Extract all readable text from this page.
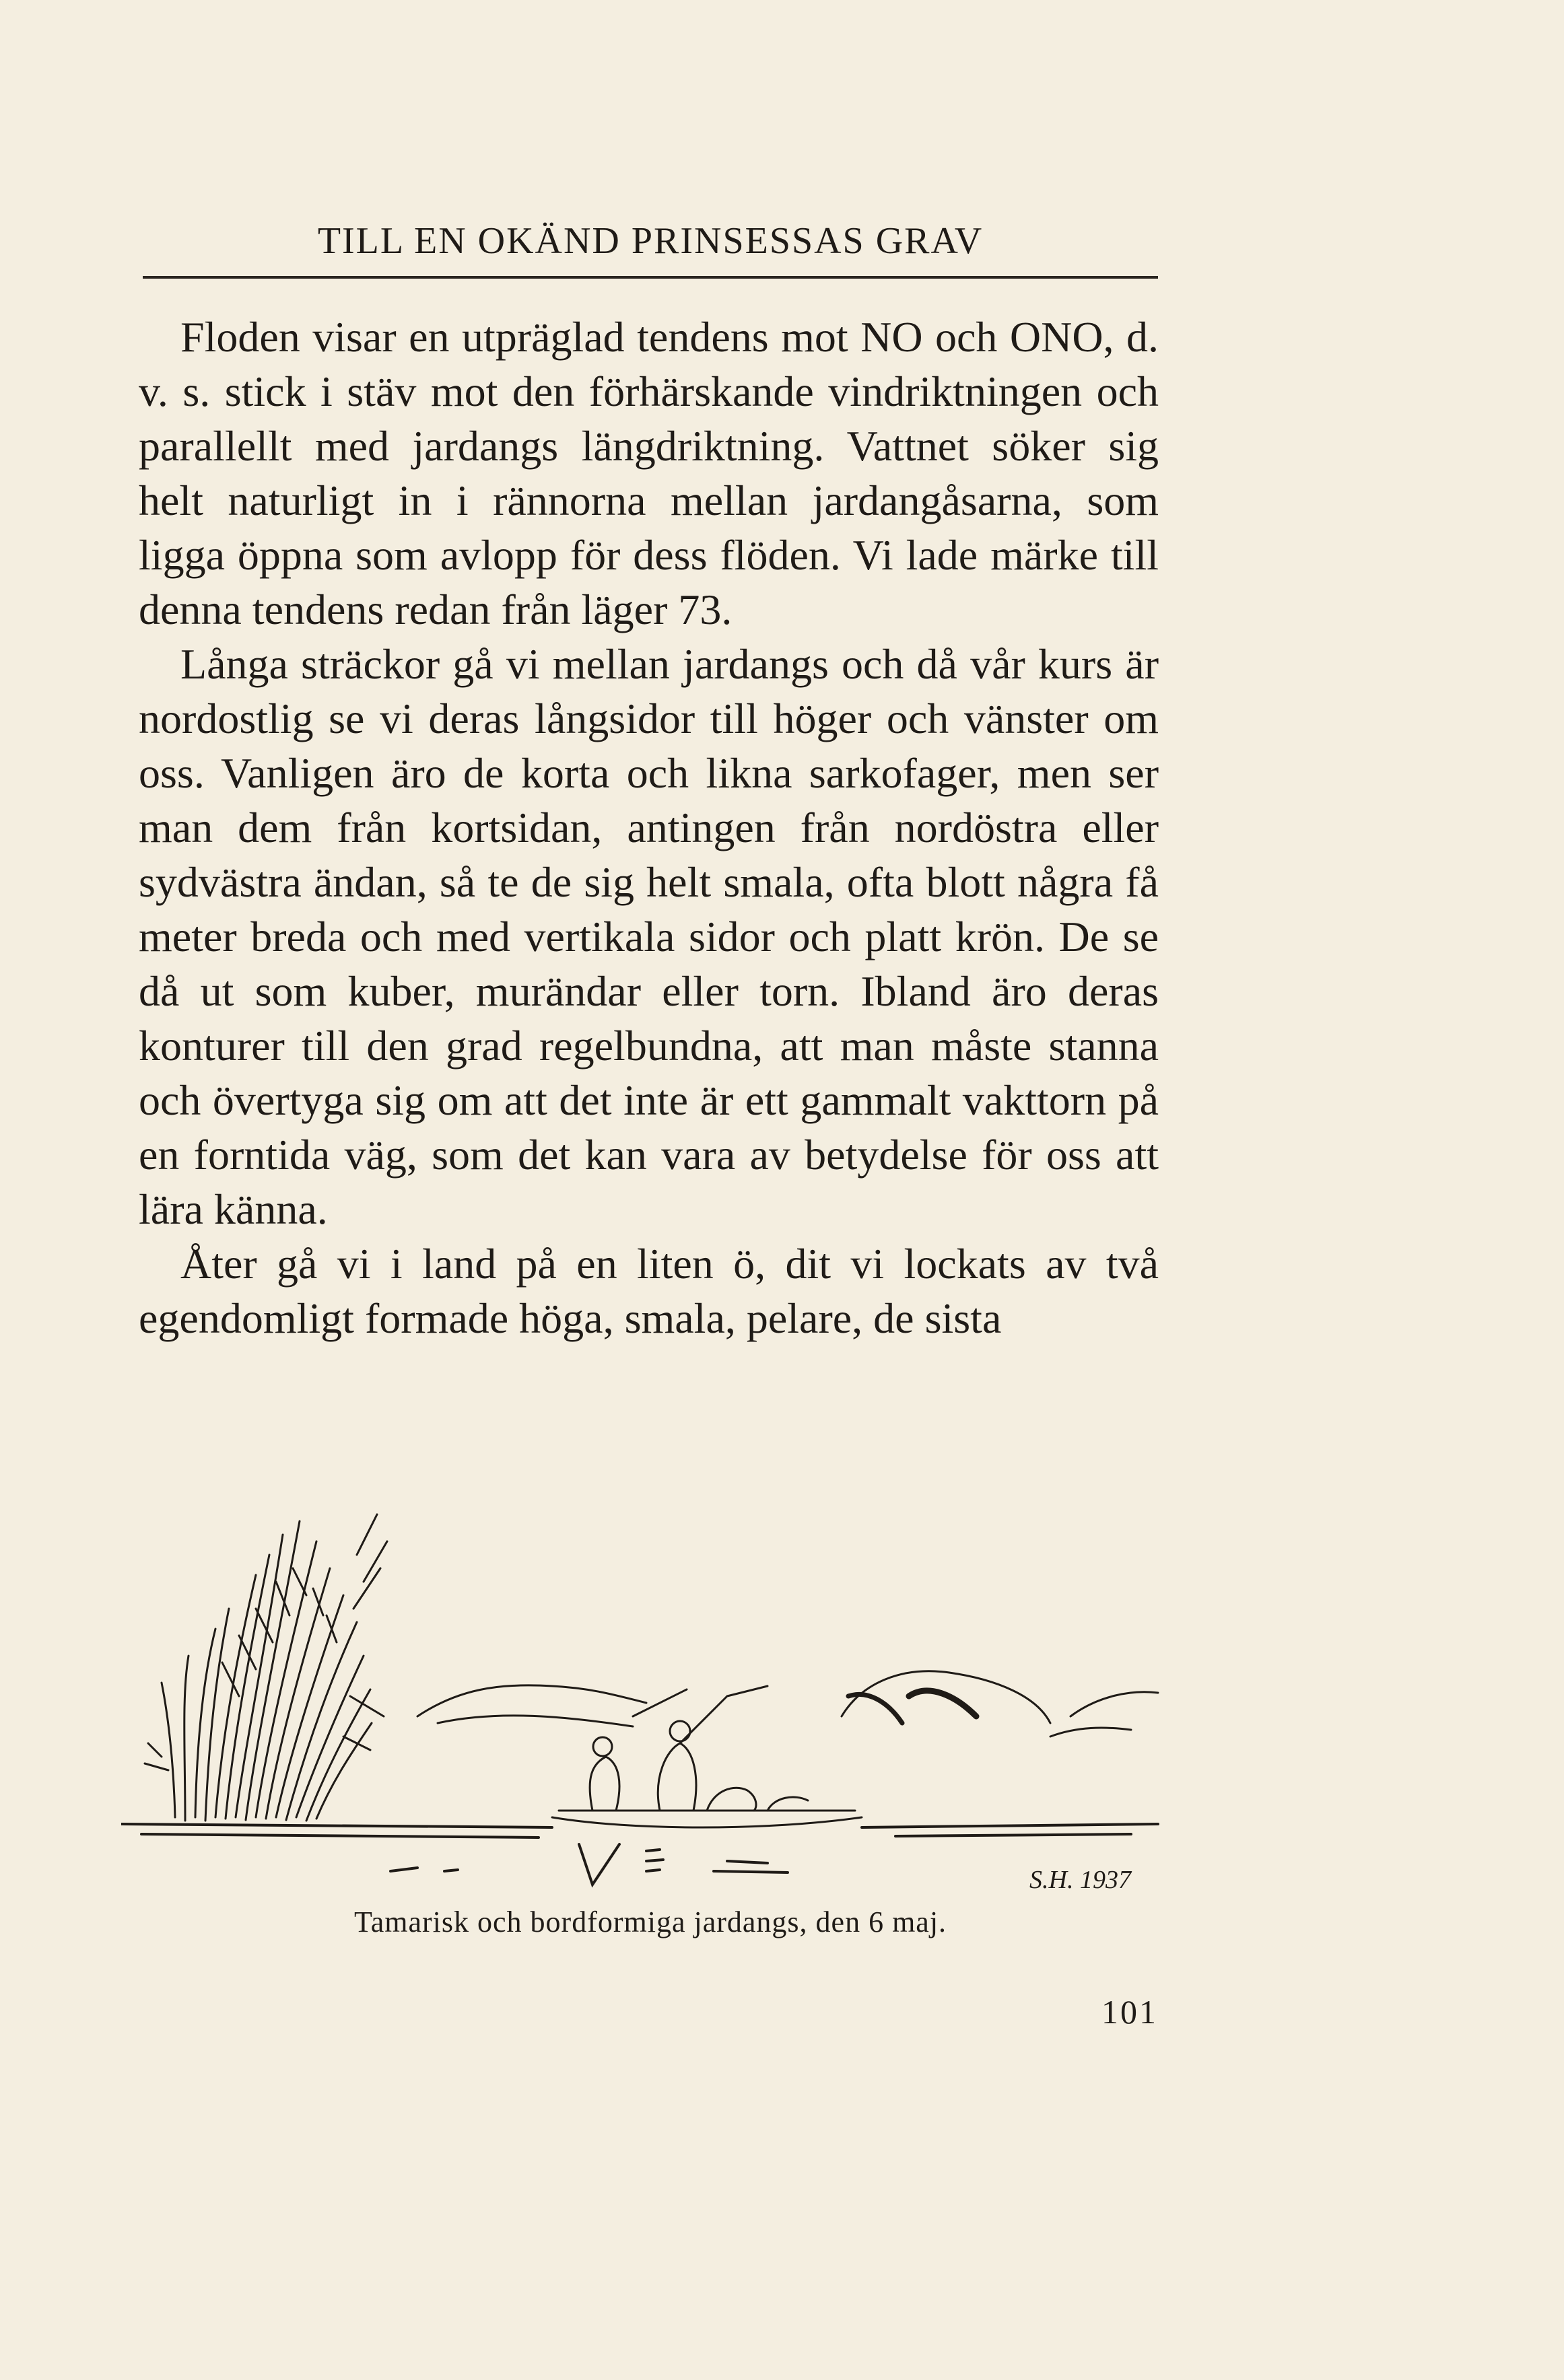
TILL EN OKÄND PRINSESSAS GRAV

Floden visar en utpräglad tendens mot NO och ONO, d. v. s. stick i stäv mot den förhärskande vindriktningen och parallellt med jardangs längdriktning. Vattnet söker sig helt naturligt in i rännorna mellan jardangåsarna, som ligga öppna som avlopp för dess flöden. Vi lade märke till denna tendens redan från läger 73.

Långa sträckor gå vi mellan jardangs och då vår kurs är nordostlig se vi deras långsidor till höger och vänster om oss. Vanligen äro de korta och likna sarkofager, men ser man dem från kortsidan, antingen från nordöstra eller sydvästra ändan, så te de sig helt smala, ofta blott några få meter breda och med vertikala sidor och platt krön. De se då ut som kuber, murändar eller torn. Ibland äro deras konturer till den grad regelbundna, att man måste stanna och övertyga sig om att det inte är ett gammalt vakttorn på en forntida väg, som det kan vara av betydelse för oss att lära känna.

Åter gå vi i land på en liten ö, dit vi lockats av två egendomligt formade höga, smala, pelare, de sista

S.H. 1937
Tamarisk och bordformiga jardangs, den 6 maj.
101
